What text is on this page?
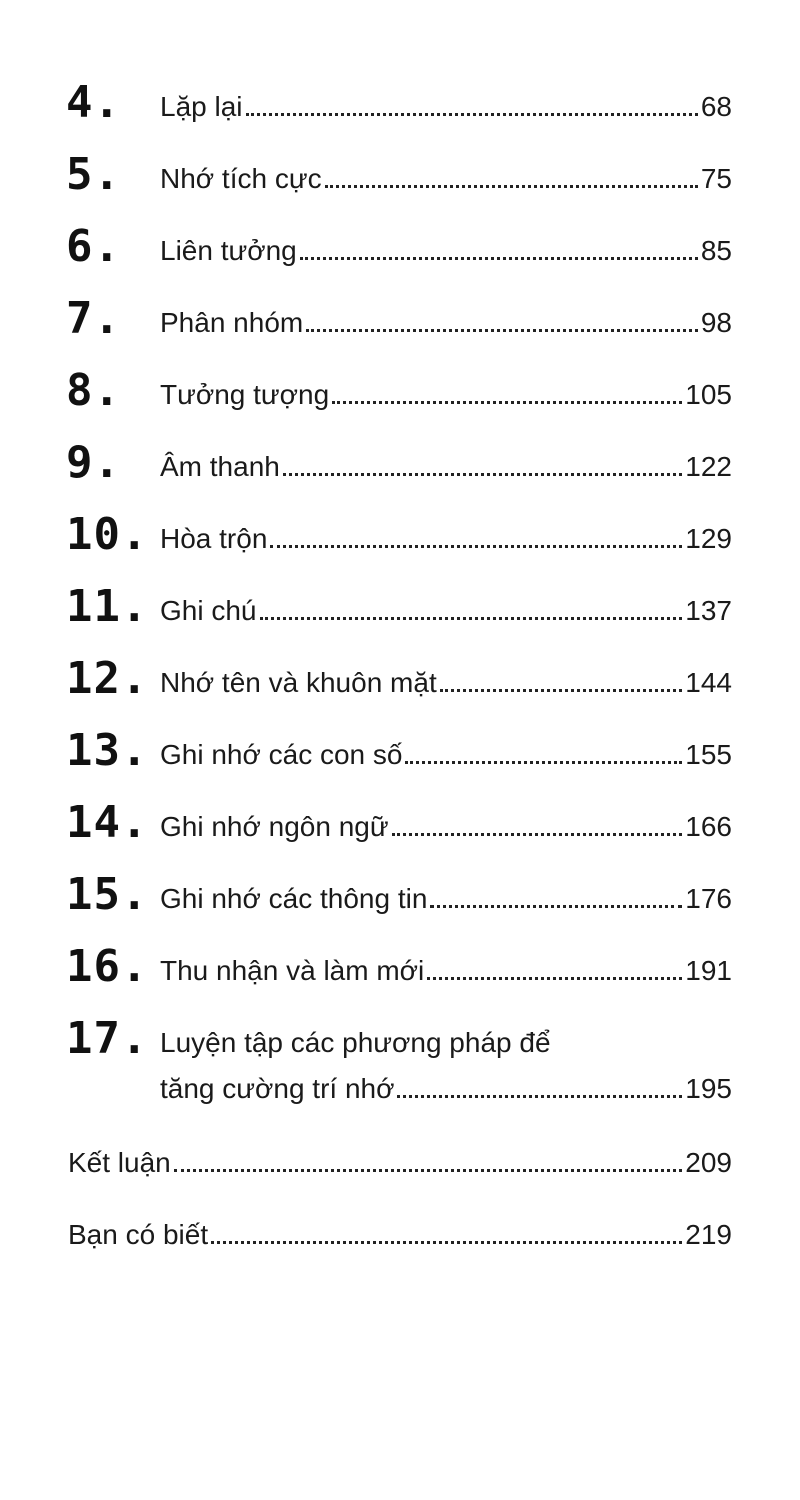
4. Lặp lại	68
5. Nhớ tích cực	75
6. Liên tưởng	85
7. Phân nhóm	98
8. Tưởng tượng	105
9. Âm thanh	122
10. Hòa trộn	129
11. Ghi chú	137
12. Nhớ tên và khuôn mặt	144
13. Ghi nhớ các con số	155
14. Ghi nhớ ngôn ngữ	166
15. Ghi nhớ các thông tin	176
16. Thu nhận và làm mới	191
17. Luyện tập các phương pháp để
tăng cường trí nhớ	195
Kết luận	209
Bạn có biết	219
